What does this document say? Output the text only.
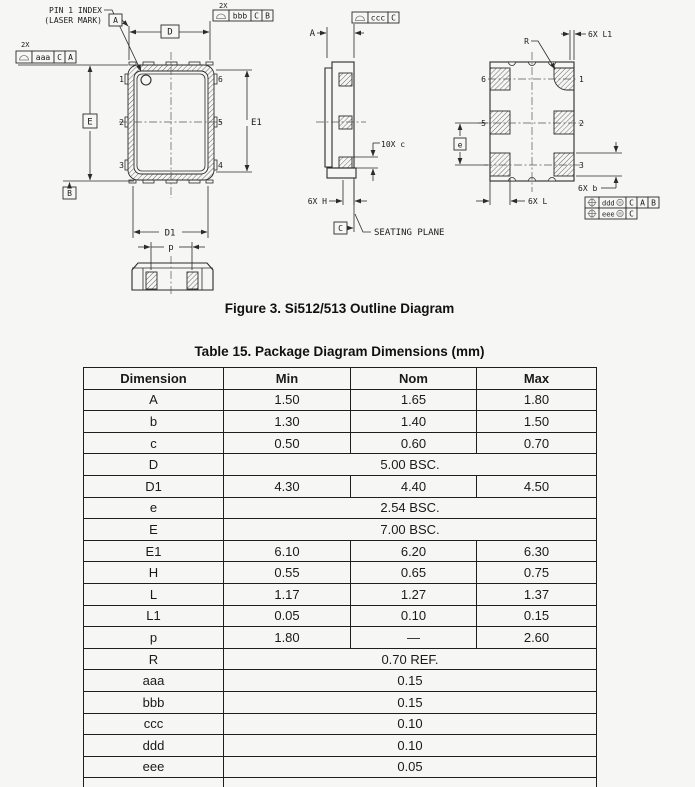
1
2
3
6
5
4
PIN 1 INDEX
(LASER MARK)
D
A
2X
bbb C B
E
2X
aaa C A
B
E1
D1
A
ccc C
10X c
6X H
C	SEATING PLANE
6	1
5	2
3
R
6X L1
e
6X L
6X b
ddd M C A B
eee M C
p
Figure 3. Si512/513 Outline Diagram
Table 15. Package Diagram Dimensions (mm)
Dimension	Min	Nom	Max
A	1.50	1.65	1.80
b	1.30	1.40	1.50
c	0.50	0.60	0.70
D	5.00 BSC.		
D1	4.30	4.40	4.50
e	2.54 BSC.		
E	7.00 BSC.		
E1	6.10	6.20	6.30
H	0.55	0.65	0.75
L	1.17	1.27	1.37
L1	0.05	0.10	0.15
p	1.80	—	2.60
R	0.70 REF.		
aaa	0.15		
bbb	0.15		
ccc	0.10		
ddd	0.10		
eee	0.05		
